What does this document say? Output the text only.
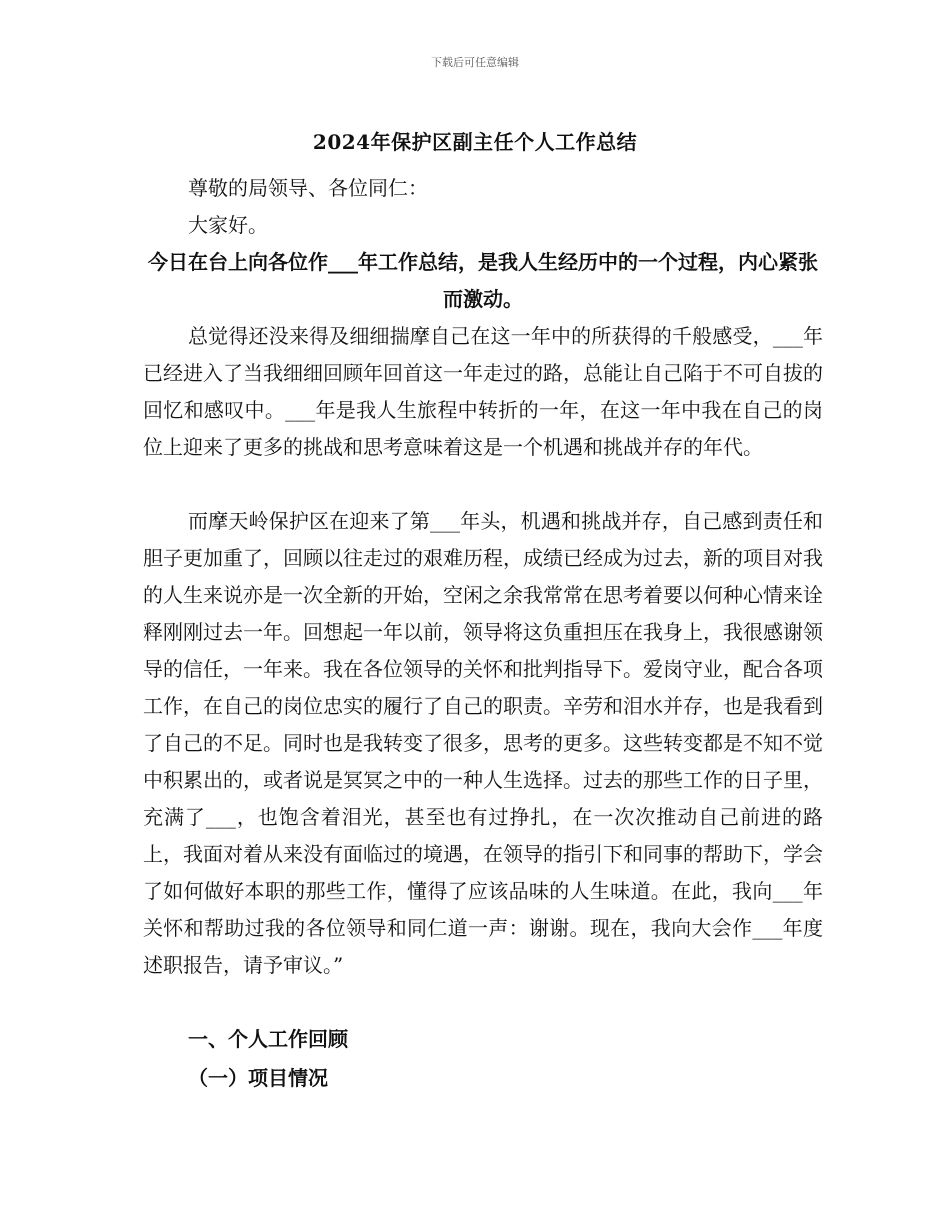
下载后可任意编辑
2024年保护区副主任个人工作总结

尊敬的局领导、各位同仁：

大家好。

今日在台上向各位作___年工作总结，是我人生经历中的一个过程，内心紧张而激动。

总觉得还没来得及细细揣摩自己在这一年中的所获得的千般感受，___年已经进入了当我细细回顾年回首这一年走过的路，总能让自己陷于不可自拔的回忆和感叹中。___年是我人生旅程中转折的一年，在这一年中我在自己的岗位上迎来了更多的挑战和思考意味着这是一个机遇和挑战并存的年代。

而摩天岭保护区在迎来了第___年头，机遇和挑战并存，自己感到责任和胆子更加重了，回顾以往走过的艰难历程，成绩已经成为过去，新的项目对我的人生来说亦是一次全新的开始，空闲之余我常常在思考着要以何种心情来诠释刚刚过去一年。回想起一年以前，领导将这负重担压在我身上，我很感谢领导的信任，一年来。我在各位领导的关怀和批判指导下。爱岗守业，配合各项工作，在自己的岗位忠实的履行了自己的职责。辛劳和泪水并存，也是我看到了自己的不足。同时也是我转变了很多，思考的更多。这些转变都是不知不觉中积累出的，或者说是冥冥之中的一种人生选择。过去的那些工作的日子里，充满了___，也饱含着泪光，甚至也有过挣扎，在一次次推动自己前进的路上，我面对着从来没有面临过的境遇，在领导的指引下和同事的帮助下，学会了如何做好本职的那些工作，懂得了应该品味的人生味道。在此，我向___年关怀和帮助过我的各位领导和同仁道一声：谢谢。现在，我向大会作___年度述职报告，请予审议。”

一、个人工作回顾
（一）项目情况
